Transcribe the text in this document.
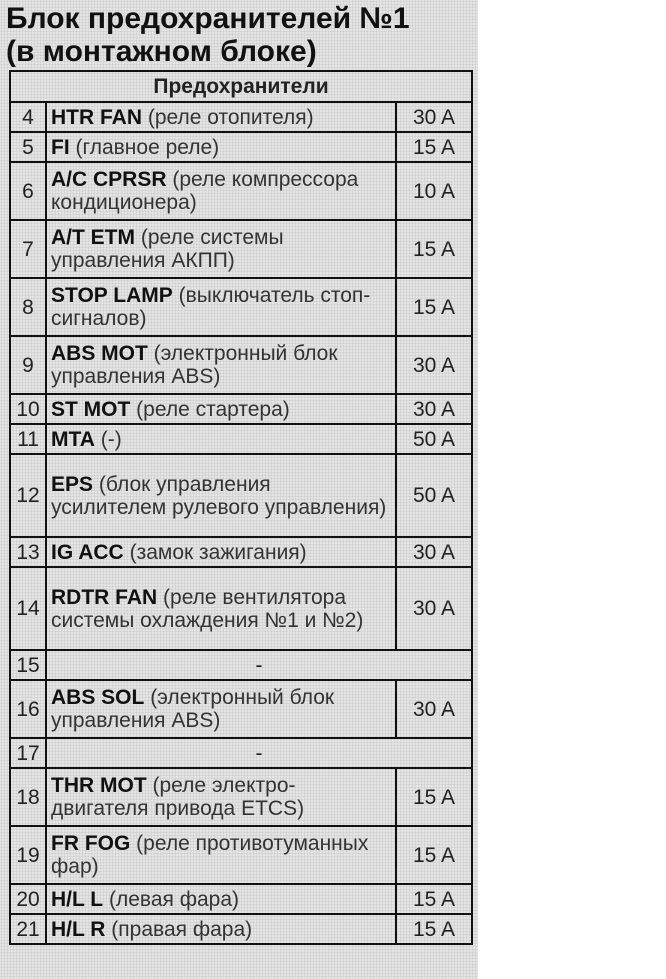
Блок предохранителей №1
(в монтажном блоке)
Предохранители		
4	HTR FAN (реле отопителя)	30 A
5	FI (главное реле)	15 A
6	A/C CPRSR (реле компрессора кондиционера)	10 A
7	A/T ETM (реле системы управления АКПП)	15 A
8	STOP LAMP (выключатель стоп-сигналов)	15 A
9	ABS MOT (электронный блок управления ABS)	30 A
10	ST MOT (реле стартера)	30 A
11	MTA (-)	50 A
12	EPS (блок управления усилителем рулевого управления)	50 A
13	IG ACC (замок зажигания)	30 A
14	RDTR FAN (реле вентилятора системы охлаждения №1 и №2)	30 A
15	-	
16	ABS SOL (электронный блок управления ABS)	30 A
17	-	
18	THR MOT (реле электро-двигателя привода ETCS)	15 A
19	FR FOG (реле противотуманных фар)	15 A
20	H/L L (левая фара)	15 A
21	H/L R (правая фара)	15 A
